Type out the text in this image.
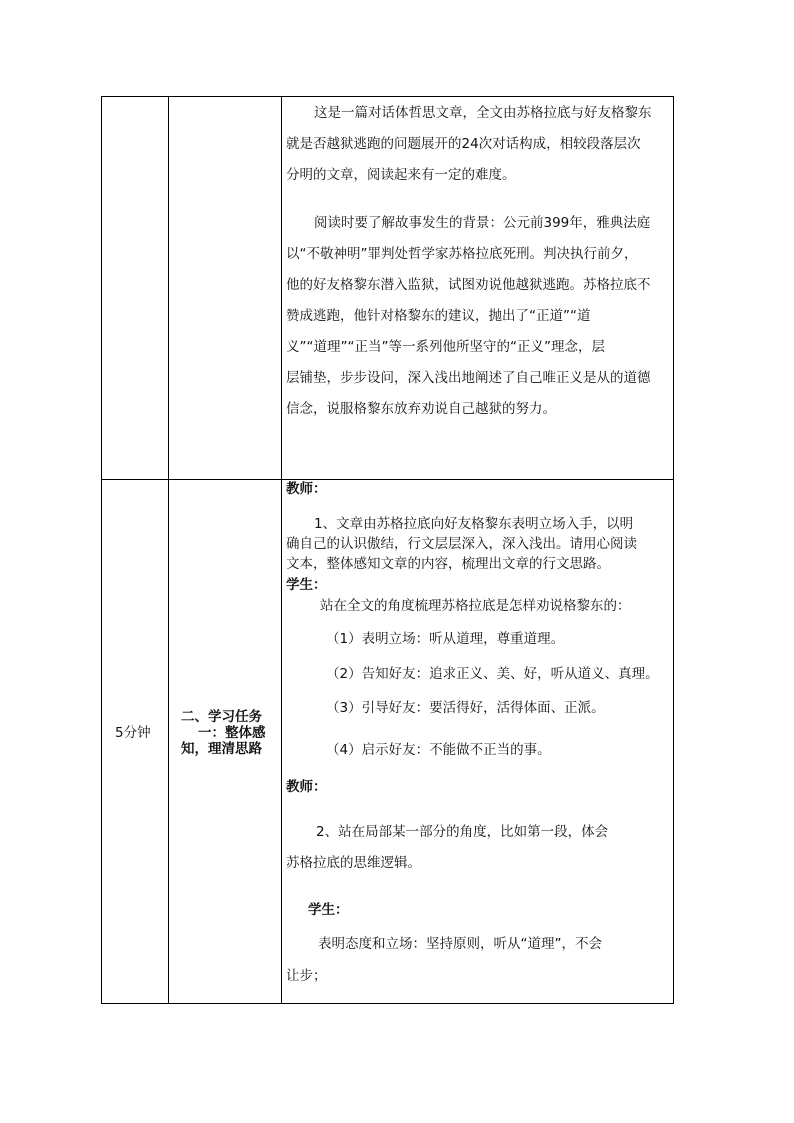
这是一篇对话体哲思文章，全文由苏格拉底与好友格黎东
就是否越狱逃跑的问题展开的24次对话构成，相较段落层次
分明的文章，阅读起来有一定的难度。
阅读时要了解故事发生的背景：公元前399年，雅典法庭
以“不敬神明”罪判处哲学家苏格拉底死刑。判决执行前夕，
他的好友格黎东潜入监狱，试图劝说他越狱逃跑。苏格拉底不
赞成逃跑，他针对格黎东的建议，抛出了“正道”“道
义”“道理”“正当”等一系列他所坚守的“正义”理念，层
层铺垫，步步设问，深入浅出地阐述了自己唯正义是从的道德
信念，说服格黎东放弃劝说自己越狱的努力。
5分钟
二、学习任务
一：整体感
知，理清思路
教师：
1、文章由苏格拉底向好友格黎东表明立场入手，以明
确自己的认识傲结，行文层层深入，深入浅出。请用心阅读
文本，整体感知文章的内容，梳理出文章的行文思路。
学生：
站在全文的角度梳理苏格拉底是怎样劝说格黎东的：
（1）表明立场：听从道理，尊重道理。
（2）告知好友：追求正义、美、好，听从道义、真理。
（3）引导好友：要活得好，活得体面、正派。
（4）启示好友：不能做不正当的事。
教师：
2、站在局部某一部分的角度，比如第一段，体会
苏格拉底的思维逻辑。
学生：
表明态度和立场：坚持原则，听从“道理”，不会
让步；
